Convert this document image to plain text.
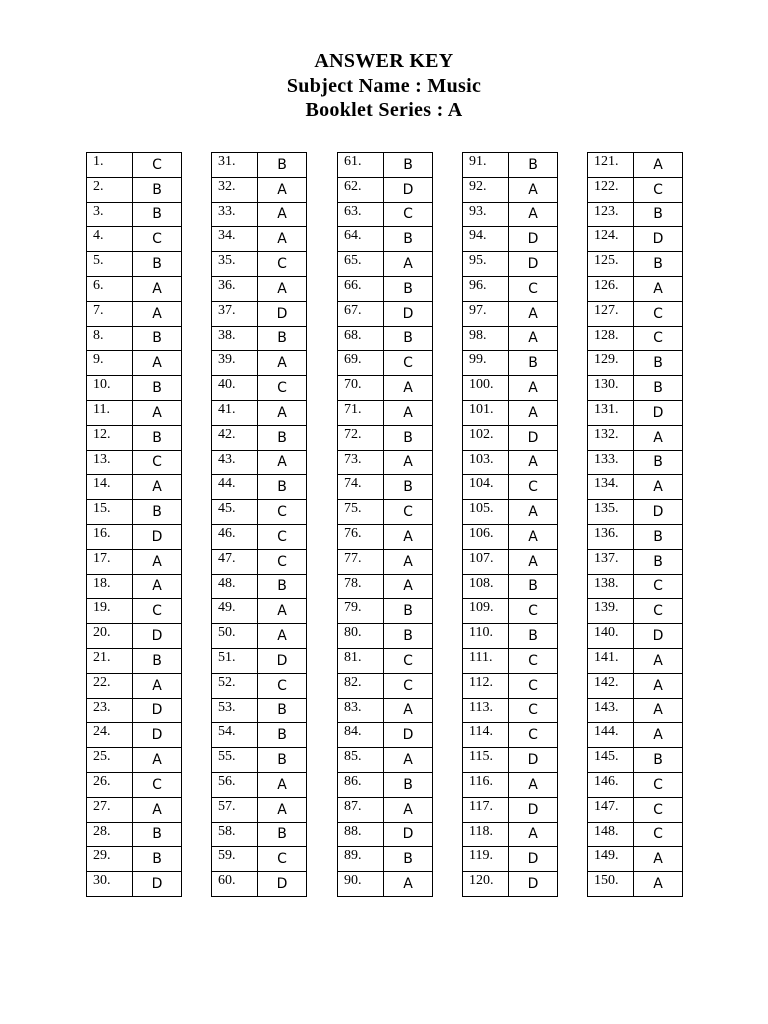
ANSWER KEY
Subject Name : Music
Booklet Series : A
1.	C
2.	B
3.	B
4.	C
5.	B
6.	A
7.	A
8.	B
9.	A
10.	B
11.	A
12.	B
13.	C
14.	A
15.	B
16.	D
17.	A
18.	A
19.	C
20.	D
21.	B
22.	A
23.	D
24.	D
25.	A
26.	C
27.	A
28.	B
29.	B
30.	D
31.	B
32.	A
33.	A
34.	A
35.	C
36.	A
37.	D
38.	B
39.	A
40.	C
41.	A
42.	B
43.	A
44.	B
45.	C
46.	C
47.	C
48.	B
49.	A
50.	A
51.	D
52.	C
53.	B
54.	B
55.	B
56.	A
57.	A
58.	B
59.	C
60.	D
61.	B
62.	D
63.	C
64.	B
65.	A
66.	B
67.	D
68.	B
69.	C
70.	A
71.	A
72.	B
73.	A
74.	B
75.	C
76.	A
77.	A
78.	A
79.	B
80.	B
81.	C
82.	C
83.	A
84.	D
85.	A
86.	B
87.	A
88.	D
89.	B
90.	A
91.	B
92.	A
93.	A
94.	D
95.	D
96.	C
97.	A
98.	A
99.	B
100.	A
101.	A
102.	D
103.	A
104.	C
105.	A
106.	A
107.	A
108.	B
109.	C
110.	B
111.	C
112.	C
113.	C
114.	C
115.	D
116.	A
117.	D
118.	A
119.	D
120.	D
121.	A
122.	C
123.	B
124.	D
125.	B
126.	A
127.	C
128.	C
129.	B
130.	B
131.	D
132.	A
133.	B
134.	A
135.	D
136.	B
137.	B
138.	C
139.	C
140.	D
141.	A
142.	A
143.	A
144.	A
145.	B
146.	C
147.	C
148.	C
149.	A
150.	A
